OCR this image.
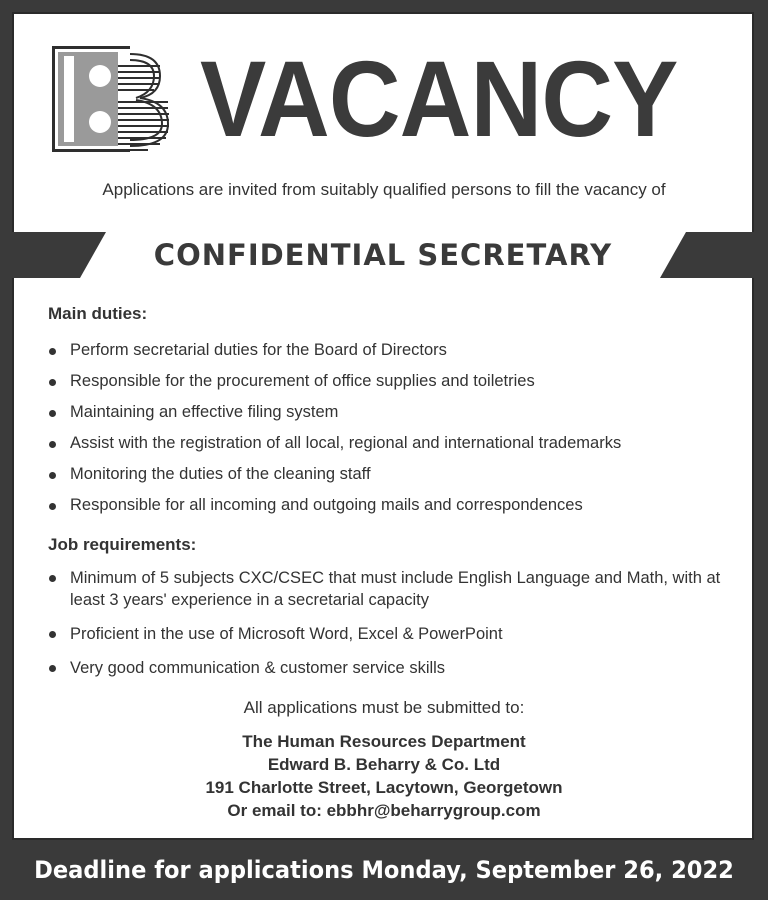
VACANCY
Applications are invited from suitably qualified persons to fill the vacancy of
CONFIDENTIAL SECRETARY
Main duties:
Perform secretarial duties for the Board of Directors
Responsible for the procurement of office supplies and toiletries
Maintaining an effective filing system
Assist with the registration of all local, regional and international trademarks
Monitoring the duties of the cleaning staff
Responsible for all incoming and outgoing mails and correspondences
Job requirements:
Minimum of 5 subjects CXC/CSEC that must include English Language and Math, with at least 3 years' experience in a secretarial capacity
Proficient in the use of Microsoft Word, Excel & PowerPoint
Very good communication & customer service skills
All applications must be submitted to:
The Human Resources Department
Edward B. Beharry & Co. Ltd
191 Charlotte Street, Lacytown, Georgetown
Or email to: ebbhr@beharrygroup.com
Deadline for applications Monday, September 26, 2022
